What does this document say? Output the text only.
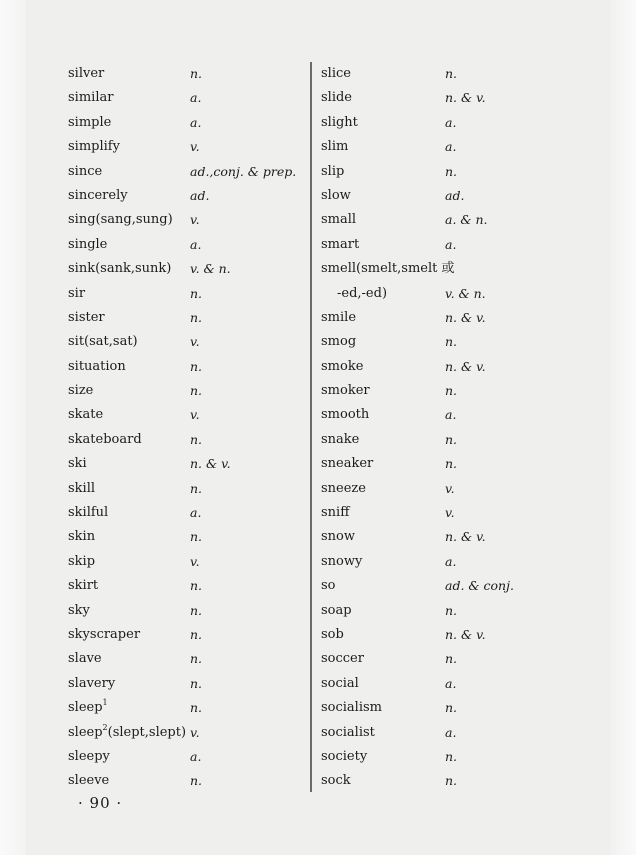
silver	n.
similar	a.
simple	a.
simplify	v.
since	ad.,conj. & prep.
sincerely	ad.
sing(sang,sung) v.
single	a.
sink(sank,sunk) v. & n.
sir	n.
sister	n.
sit(sat,sat)	v.
situation	n.
size	n.
skate	v.
skateboard	n.
ski	n. & v.
skill	n.
skilful	a.
skin	n.
skip	v.
skirt	n.
sky	n.
skyscraper	n.
slave	n.
slavery	n.
sleep$^1$	n.
sleep$^2$(slept,slept) v.
sleepy	a.
sleeve	n.
slice	n.
slide	n. & v.
slight	a.
slim	a.
slip	n.
slow	ad.
small	a. & n.
smart	a.
smell(smelt,smelt 或
-ed,-ed)	v. & n.
smile	n. & v.
smog	n.
smoke	n. & v.
smoker	n.
smooth	a.
snake	n.
sneaker	n.
sneeze	v.
sniff	v.
snow	n. & v.
snowy	a.
so	ad. & conj.
soap	n.
sob	n. & v.
soccer	n.
social	a.
socialism	n.
socialist	a.
society	n.
sock	n.
· 90 ·
